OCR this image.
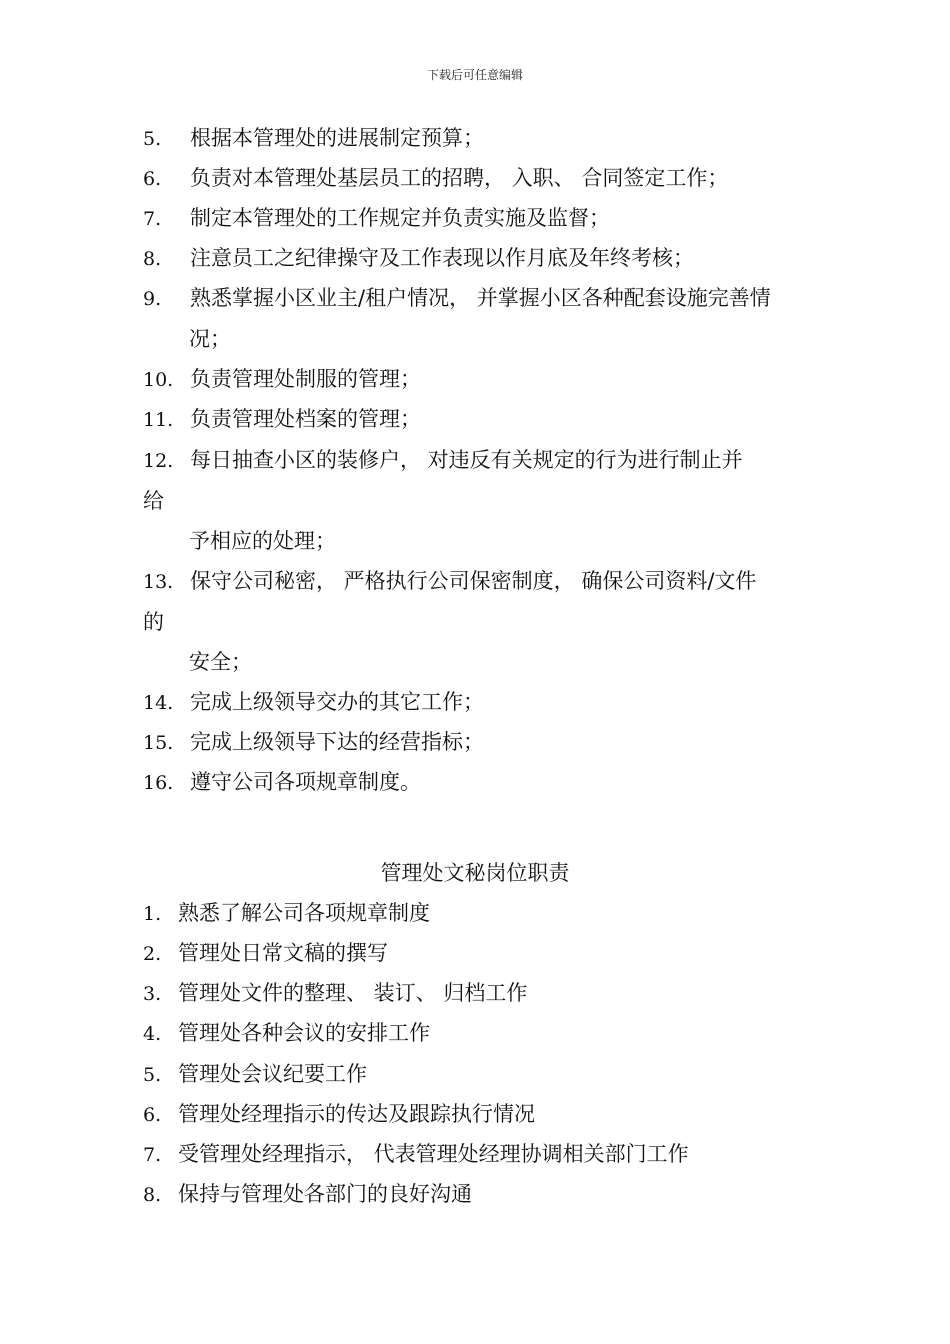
下载后可任意编辑
5. 根据本管理处的进展制定预算；
6. 负责对本管理处基层员工的招聘， 入职、 合同签定工作；
7. 制定本管理处的工作规定并负责实施及监督；
8. 注意员工之纪律操守及工作表现以作月底及年终考核；
9. 熟悉掌握小区业主/租户情况， 并掌握小区各种配套设施完善情
况；
10. 负责管理处制服的管理；
11. 负责管理处档案的管理；
12. 每日抽查小区的装修户， 对违反有关规定的行为进行制止并
给
予相应的处理；
13. 保守公司秘密， 严格执行公司保密制度， 确保公司资料/文件
的
安全；
14. 完成上级领导交办的其它工作；
15. 完成上级领导下达的经营指标；
16. 遵守公司各项规章制度。
管理处文秘岗位职责
1. 熟悉了解公司各项规章制度
2. 管理处日常文稿的撰写
3. 管理处文件的整理、 装订、 归档工作
4. 管理处各种会议的安排工作
5. 管理处会议纪要工作
6. 管理处经理指示的传达及跟踪执行情况
7. 受管理处经理指示， 代表管理处经理协调相关部门工作
8. 保持与管理处各部门的良好沟通
